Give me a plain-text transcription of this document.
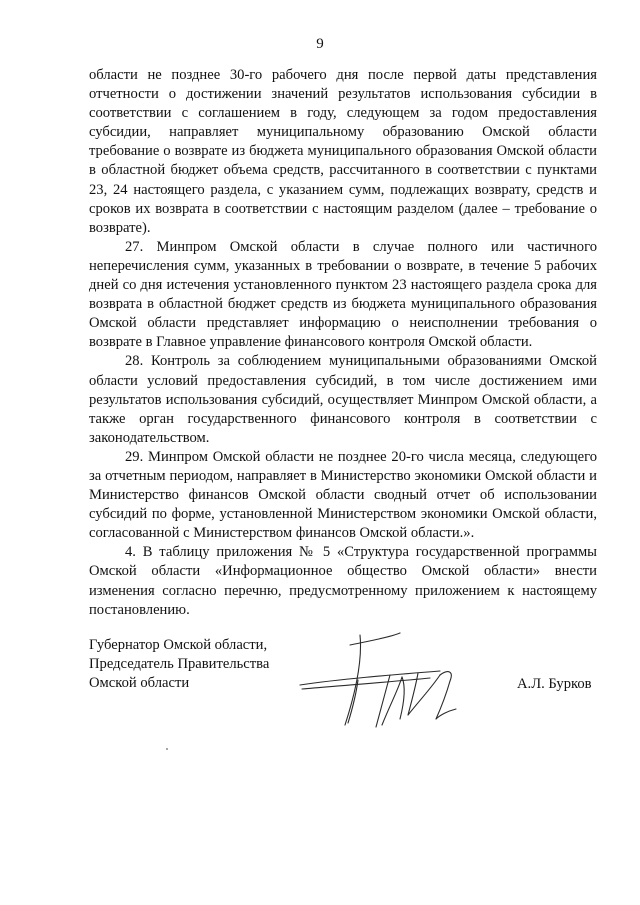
9

области не позднее 30-го рабочего дня после первой даты представления отчетности о достижении значений результатов использования субсидии в соответствии с соглашением в году, следующем за годом предоставления субсидии, направляет муниципальному образованию Омской области требование о возврате из бюджета муниципального образования Омской области в областной бюджет объема средств, рассчитанного в соответствии с пунктами 23, 24 настоящего раздела, с указанием сумм, подлежащих возврату, средств и сроков их возврата в соответствии с настоящим разделом (далее – требование о возврате).

27. Минпром Омской области в случае полного или частичного неперечисления сумм, указанных в требовании о возврате, в течение 5 рабочих дней со дня истечения установленного пунктом 23 настоящего раздела срока для возврата в областной бюджет средств из бюджета муниципального образования Омской области представляет информацию о неисполнении требования о возврате в Главное управление финансового контроля Омской области.

28. Контроль за соблюдением муниципальными образованиями Омской области условий предоставления субсидий, в том числе достижением ими результатов использования субсидий, осуществляет Минпром Омской области, а также орган государственного финансового контроля в соответствии с законодательством.

29. Минпром Омской области не позднее 20-го числа месяца, следующего за отчетным периодом, направляет в Министерство экономики Омской области и Министерство финансов Омской области сводный отчет об использовании субсидий по форме, установленной Министерством экономики Омской области, согласованной с Министерством финансов Омской области.».

4. В таблицу приложения № 5 «Структура государственной программы Омской области «Информационное общество Омской области» внести изменения согласно перечню, предусмотренному приложением к настоящему постановлению.

Губернатор Омской области,
Председатель Правительства
Омской области	А.Л. Бурков
